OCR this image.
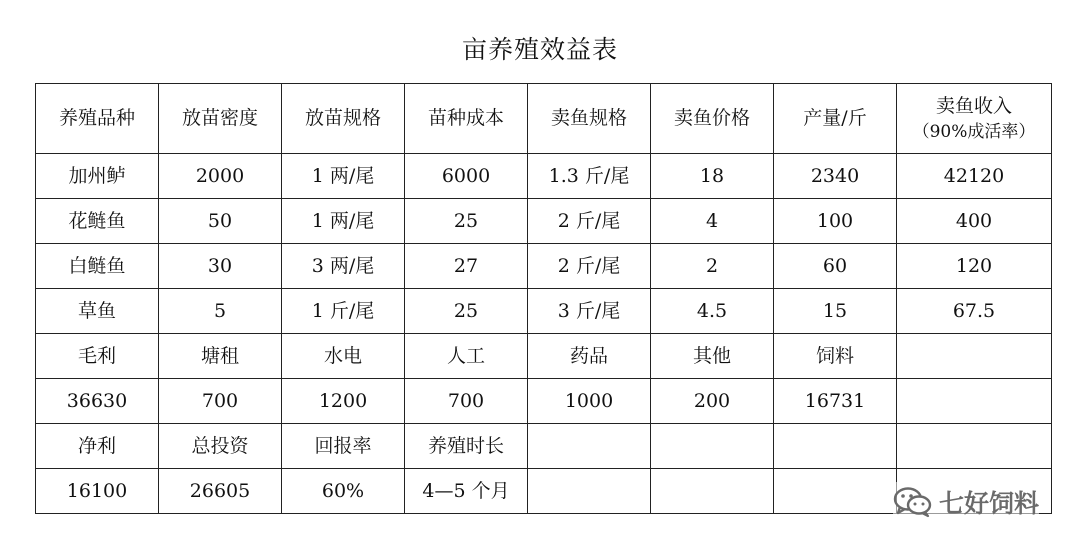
亩养殖效益表
养殖品种	放苗密度	放苗规格	苗种成本	卖鱼规格	卖鱼价格	产量/斤	卖鱼收入
（90%成活率）

加州鲈	2000	1 两/尾	6000	1.3 斤/尾	18	2340	42120
花鲢鱼	50	1 两/尾	25	2 斤/尾	4	100	400
白鲢鱼	30	3 两/尾	27	2 斤/尾	2	60	120
草鱼	5	1 斤/尾	25	3 斤/尾	4.5	15	67.5
毛利	塘租	水电	人工	药品	其他	饲料	
36630	700	1200	700	1000	200	16731	
净利	总投资	回报率	养殖时长				
16100	26605	60%	4—5 个月					七好饲料
